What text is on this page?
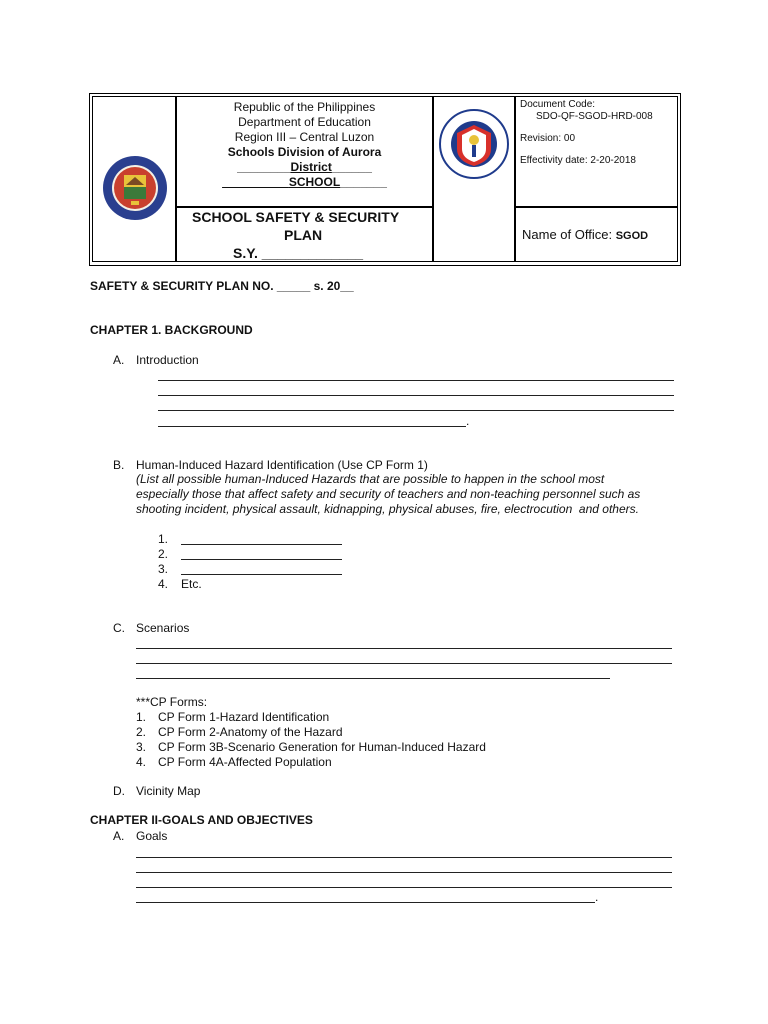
Republic of the Philippines
Department of Education
Region III – Central Luzon
Schools Division of Aurora
________District______
__________SCHOOL_______
SCHOOL SAFETY & SECURITY
PLAN
S.Y. _____________
Document Code:
SDO-QF-SGOD-HRD-008
Revision: 00
Effectivity date: 2-20-2018
Name of Office: SGOD
SAFETY & SECURITY PLAN NO. _____ s. 20__
CHAPTER 1. BACKGROUND
A. Introduction
.
B. Human-Induced Hazard Identification (Use CP Form 1)
(List all possible human-Induced Hazards that are possible to happen in the school most
especially those that affect safety and security of teachers and non-teaching personnel such as
shooting incident, physical assault, kidnapping, physical abuses, fire, electrocution  and others.
1.
2.
3.
4. Etc.
C. Scenarios
***CP Forms:
1. CP Form 1-Hazard Identification
2. CP Form 2-Anatomy of the Hazard
3. CP Form 3B-Scenario Generation for Human-Induced Hazard
4. CP Form 4A-Affected Population
D. Vicinity Map
CHAPTER II-GOALS AND OBJECTIVES
A. Goals
.
